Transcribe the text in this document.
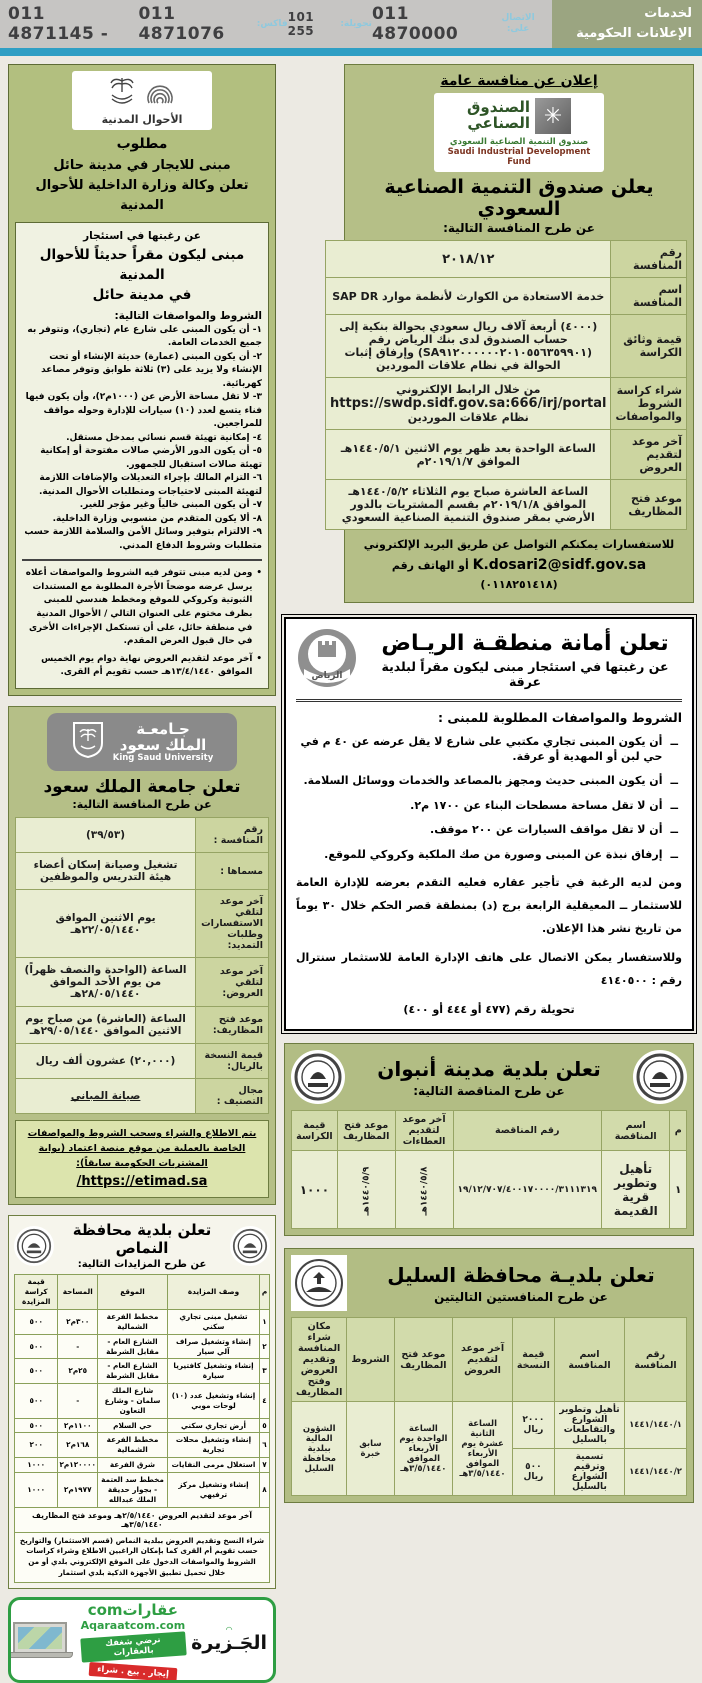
لخدمات
الإعلانات الحكومية
الاتصال على:
011 4870000
تحويلة:
101 255
فاكس:
011 4871076
011 4871145 -
إعلان عن منافسة عامة
✳
الصندوق
الصناعي
صندوق التنمية الصناعية السعودي
Saudi Industrial Development Fund
يعلن صندوق التنمية الصناعية السعودي
عن طرح المنافسة التالية:
رقم المنافسة	٢٠١٨/١٢
اسم المنافسة	خدمة الاستعادة من الكوارث لأنظمة موارد SAP DR
قيمة وثائق الكراسة	(٤٠٠٠) أربعة آلاف ريال سعودي بحوالة بنكية إلى حساب الصندوق لدى بنك الرياض رقم (SA٩١٢٠٠٠٠٠٠٢٠١٠٥٥٦٣٥٩٩٠١) وإرفاق إثبات الحوالة في نظام علاقات الموردين
شراء كراسة الشروط والمواصفات	من خلال الرابط الإلكتروني
https://swdp.sidf.gov.sa:666/irj/portal
نظام علاقات الموردين
آخر موعد لتقديم العروض	الساعة الواحدة بعد ظهر يوم الاثنين ١٤٤٠/٥/١هـ الموافق ٢٠١٩/١/٧م
موعد فتح المظاريف	الساعة العاشرة صباح يوم الثلاثاء ١٤٤٠/٥/٢هـ الموافق ٢٠١٩/١/٨م بقسم المشتريات بالدور الأرضي بمقر صندوق التنمية الصناعية السعودي
للاستفسارات يمكنكم التواصل عن طريق البريد الإلكتروني
K.dosari2@sidf.gov.sa أو الهاتف رقم (٠١١٨٢٥١٤١٨)
تعلن أمانة منطقـة الريـاض
عن رغبتها في استئجار مبنى ليكون مقراً لبلدية عرقة
الرياض
الشروط والمواصفات المطلوبة للمبنى :
ــ
أن يكون المبنى تجاري مكتبي على شارع لا يقل عرضه عن ٤٠ م في حي لبن أو المهدية أو عرقة.
ــ
أن يكون المبنى حديث ومجهز بالمصاعد والخدمات ووسائل السلامة.
ــ
أن لا تقل مساحة مسطحات البناء عن ١٧٠٠ م٢.
ــ
أن لا تقل مواقف السيارات عن ٢٠٠ موقف.
ــ
إرفاق نبذة عن المبنى وصورة من صك الملكية وكروكي للموقع.
ومن لديه الرغبة في تأجير عقاره فعليه التقدم بعرضه للإدارة العامة للاستثمار ــ المعيقلية الرابعة برج (د) بمنطقة قصر الحكم خلال ٣٠ يوماً من تاريخ نشر هذا الإعلان.
وللاستفسار يمكن الاتصال على هاتف الإدارة العامة للاستثمار سنترال رقم : ٤١٤٠٥٠٠
تحويلة رقم (٤٧٧ أو ٤٤٤ أو ٤٠٠)
تعلن بلدية مدينة أنبوان
عن طرح المناقصة التالية:
م	اسم المناقصة	رقم المناقصة	آخر موعد لتقديم العطاءات	موعد فتح المظاريف	قيمة الكراسة
١	تأهيل وتطوير قرية القديمة	١٩/١٢/٧٠٧/٤٠٠١٧٠٠٠٠/٣١١١٣١٩	١٤٤٠/٥/٨هـ	١٤٤٠/٥/٩هـ	١٠٠٠
تعلن بلديـة محافظة السليل
عن طرح المنافستين التاليتين
رقم المنافسة	اسم المنافسة	قيمة النسخة	آخر موعد لتقديم العروض	موعد فتح المظاريف	الشروط	مكان شراء المنافسة وتقديم العروض وفتح المظاريف
١٤٤١/١٤٤٠/١	تأهيل وتطوير الشوارع والتقاطعات بالسليل	٢٠٠٠ ريال	الساعة الثانية عشرة يوم الأربعاء الموافق ٣/٥/١٤٤٠هـ	الساعة الواحدة يوم الأربعاء الموافق ٣/٥/١٤٤٠هـ	سابق خبرة	الشؤون المالية ببلدية محافظة السليل
١٤٤١/١٤٤٠/٢	تسمية وترقيم الشوارع بالسليل	٥٠٠ ريال				
الأحوال المدنية
مطلوب
مبنى للايجار في مدينة حائل
تعلن وكالة وزارة الداخلية للأحوال المدنية
عن رغبتها في استئجار
مبنى ليكون مقراً حديثاً للأحوال المدنية
في مدينة حائل
الشروط والمواصفات التالية:
١- أن يكون المبنى على شارع عام (تجاري)، وتتوفر به جميع الخدمات العامة.
٢- أن يكون المبنى (عمارة) حديثة الإنشاء أو تحت الإنشاء ولا يزيد على (٣) ثلاثة طوابق وتوفر مصاعد كهربائية.
٣- لا تقل مساحة الأرض عن (١٠٠٠م٢)، وأن يكون فيها فناء يتسع لعدد (١٠) سيارات للإدارة وحوله مواقف للمراجعين.
٤- إمكانية تهيئة قسم نسائي بمدخل مستقل.
٥- أن يكون الدور الأرضي صالات مفتوحة أو إمكانية تهيئة صالات استقبال للجمهور.
٦- التزام المالك بإجراء التعديلات والإضافات اللازمة لتهيئة المبنى لاحتياجات ومتطلبات الأحوال المدنية.
٧- أن يكون المبنى خالياً وغير مؤجر للغير.
٨- ألا يكون المتقدم من منسوبي وزارة الداخلية.
٩- الالتزام بتوفير وسائل الأمن والسلامة اللازمة حسب متطلبات وشروط الدفاع المدني.
•
ومن لديه مبنى تتوفر فيه الشروط والمواصفات أعلاه يرسل عرضه موضحاً الأجرة المطلوبة مع المستندات الثبوتية وكروكي للموقع ومخطط هندسي للمبنى بظرف مختوم على العنوان التالي / الأحوال المدنية في منطقة حائل، على أن تستكمل الإجراءات الأخرى في حال قبول العرض المقدم.
•
آخر موعد لتقديم العروض نهاية دوام يوم الخميس الموافق ١٣/٤/١٤٤٠هـ حسب تقويم أم القرى.
جـامعـة
الملك سعود
King Saud University
تعلن جامعة الملك سعود
عن طرح المنافسة التالية:
رقم المنافسة :	(٣٩/٥٣)
مسماها :	تشغيل وصيانة إسكان أعضاء هيئة التدريس والموظفين
آخر موعد لتلقي الاستفسارات وطلبات التمديد:	يوم الاثنين الموافق ٢٢/٠٥/١٤٤٠هـ
آخر موعد لتلقي العروض:	الساعة (الواحدة والنصف ظهراً) من يوم الأحد الموافق ٢٨/٠٥/١٤٤٠هـ
موعد فتح المظاريف:	الساعة (العاشرة) من صباح يوم الاثنين الموافق ٢٩/٠٥/١٤٤٠هـ
قيمة النسخة بالريال:	(٢٠,٠٠٠) عشرون ألف ريال
مجال التصنيف :	صيانة المباني
يتم الاطلاع والشراء وسحب الشروط والمواصفات الخاصة بالعملية من موقع منصة اعتماد (بوابة المشتريات الحكومية سابقاً):
/https://etimad.sa
تعلن بلدية محافظة النماص
عن طرح المزايدات التالية:
م	وصف المزايدة	الموقع	المساحة	قيمة كراسة المزايدة
١	تشغيل مبنى تجاري سكني	مخطط الفرعة الشمالية	٣٠٠م٢	٥٠٠
٢	إنشاء وتشغيل صراف آلي سيار	الشارع العام - مقابل الشرطة	-	٥٠٠
٣	إنشاء وتشغيل كافتيريا سيارة	الشارع العام - مقابل الشرطة	٢٥م٢	٥٠٠
٤	إنشاء وتشغيل عدد (١٠) لوحات موبي	شارع الملك سلمان - وشارع التعاون	-	٥٠٠
٥	أرض تجاري سكني	حي السلام	١١٠٠م٢	٥٠٠
٦	إنشاء وتشغيل محلات تجارية	مخطط الفرعة الشمالية	١٦٨م٢	٢٠٠
٧	استغلال مرمى النفايات	شرق الفرعة	١٢٠٠٠٠م٢	١٠٠٠
٨	إنشاء وتشغيل مركز ترفيهي	مخطط سد العتمة - بجوار حديقة الملك عبدالله	١٩٧٧م٢	١٠٠٠
آخر موعد لتقديم العروض ٢/٥/١٤٤٠هـ وموعد فتح المظاريف ٣/٥/١٤٤٠هـ
شراء النسخ وتقديم العروض ببلدية النماص (قسم الاستثمار) والتواريخ حسب تقويم أم القرى كما بإمكان الراغبين الاطلاع وشراء كراسات الشروط والمواصفات الدخول على الموقع الإلكتروني بلدي أو من خلال تحميل تطبيق الأجهزة الذكية بلدي استثمار
◠
الجَـزيرة
عقاراتcom
Aqaraatcom.com
نرضي شغفك بالعقارات إيجار . بيع . شراء
